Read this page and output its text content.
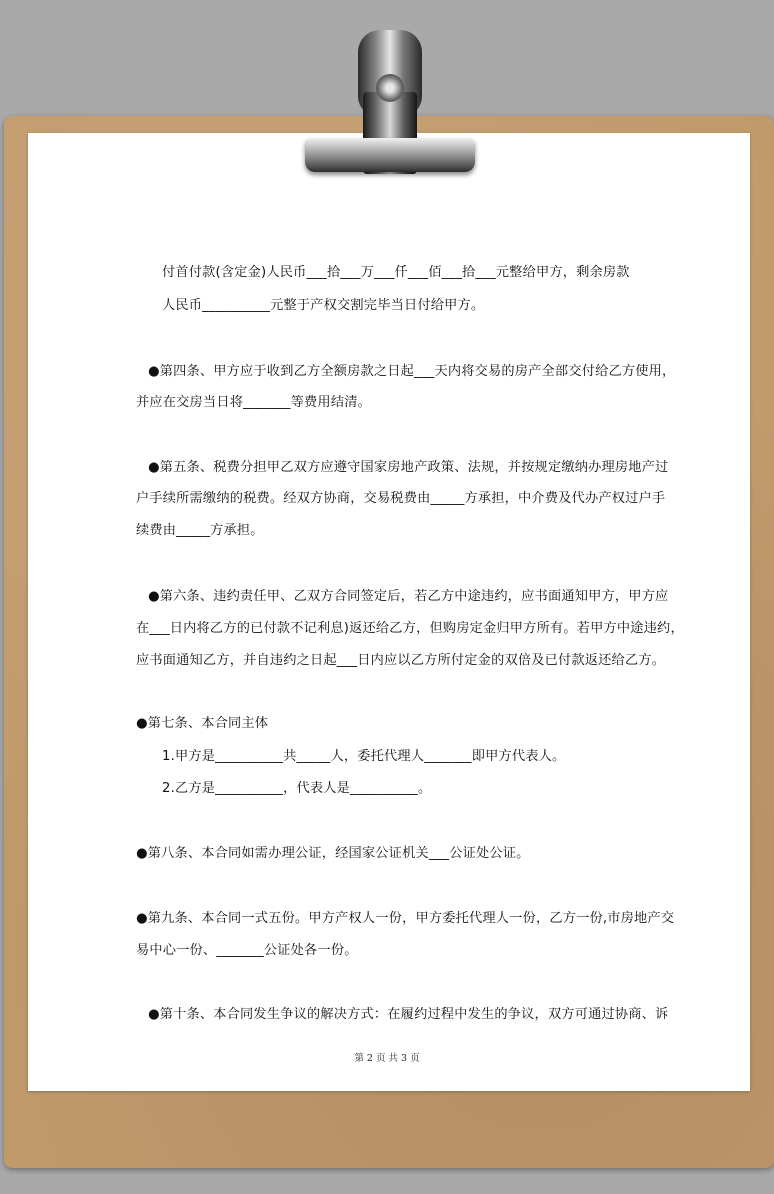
付首付款(含定金)人民币___拾___万___仟___佰___拾___元整给甲方，剩余房款

人民币__________元整于产权交割完毕当日付给甲方。

●第四条、甲方应于收到乙方全额房款之日起___天内将交易的房产全部交付给乙方使用，

并应在交房当日将_______等费用结清。

●第五条、税费分担甲乙双方应遵守国家房地产政策、法规，并按规定缴纳办理房地产过

户手续所需缴纳的税费。经双方协商，交易税费由_____方承担，中介费及代办产权过户手

续费由_____方承担。

●第六条、违约责任甲、乙双方合同签定后，若乙方中途违约，应书面通知甲方，甲方应

在___日内将乙方的已付款不记利息)返还给乙方，但购房定金归甲方所有。若甲方中途违约，

应书面通知乙方，并自违约之日起___日内应以乙方所付定金的双倍及已付款返还给乙方。

●第七条、本合同主体

1.甲方是__________共_____人，委托代理人_______即甲方代表人。

2.乙方是__________，代表人是__________。

●第八条、本合同如需办理公证，经国家公证机关___公证处公证。

●第九条、本合同一式五份。甲方产权人一份，甲方委托代理人一份，乙方一份,市房地产交

易中心一份、_______公证处各一份。

●第十条、本合同发生争议的解决方式：在履约过程中发生的争议，双方可通过协商、诉

第 2 页 共 3 页
